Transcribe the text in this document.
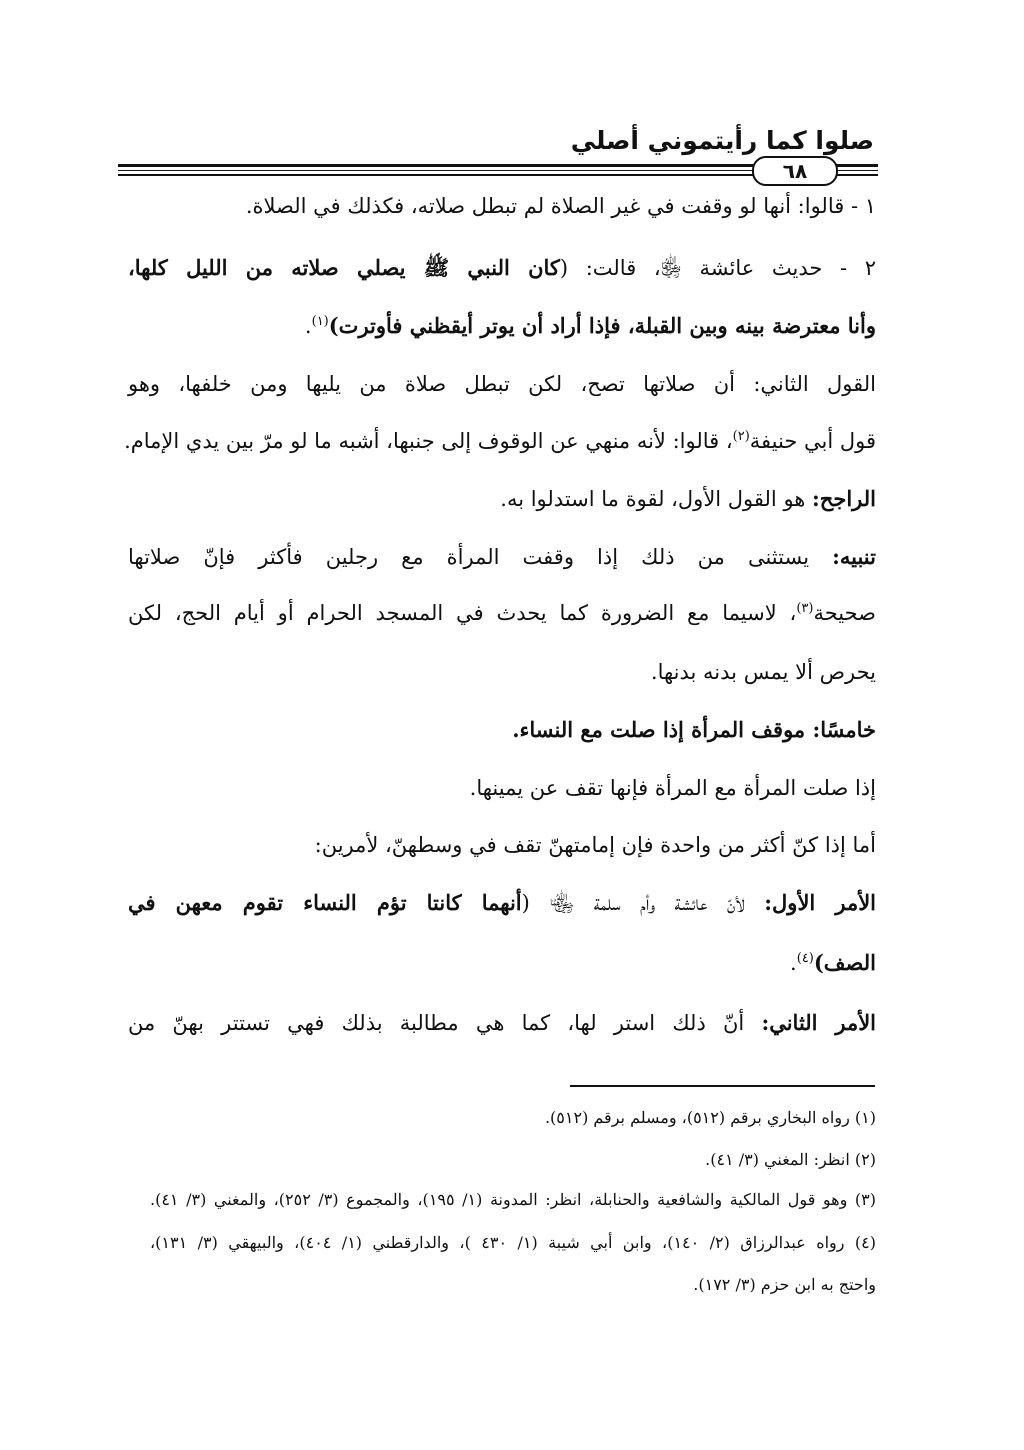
صلوا كما رأيتموني أصلي
٦٨
١ - قالوا: أنها لو وقفت في غير الصلاة لم تبطل صلاته، فكذلك في الصلاة.
٢ - حديث عائشة ﵂، قالت: (كان النبي ﷺ يصلي صلاته من الليل كلها،
وأنا معترضة بينه وبين القبلة، فإذا أراد أن يوتر أيقظني فأوترت)$^{(١)}$.
القول الثاني: أن صلاتها تصح، لكن تبطل صلاة من يليها ومن خلفها، وهو
قول أبي حنيفة$^{(٢)}$، قالوا: لأنه منهي عن الوقوف إلى جنبها، أشبه ما لو مرّ بين يدي الإمام.
الراجح: هو القول الأول، لقوة ما استدلوا به.
تنبيه: يستثنى من ذلك إذا وقفت المرأة مع رجلين فأكثر فإنّ صلاتها
صحيحة$^{(٣)}$، لاسيما مع الضرورة كما يحدث في المسجد الحرام أو أيام الحج، لكن
يحرص ألا يمس بدنه بدنها.
خامسًا: موقف المرأة إذا صلت مع النساء.
إذا صلت المرأة مع المرأة فإنها تقف عن يمينها.
أما إذا كنّ أكثر من واحدة فإن إمامتهنّ تقف في وسطهنّ، لأمرين:
الأمر الأول: لأنّ عائشة وأم سلمة ﵄ (أنهما كانتا تؤم النساء تقوم معهن في
الصف)$^{(٤)}$.
الأمر الثاني: أنّ ذلك استر لها، كما هي مطالبة بذلك فهي تستتر بهنّ من
(١) رواه البخاري برقم (٥١٢)، ومسلم برقم (٥١٢).
(٢) انظر: المغني (٣/ ٤١).
(٣) وهو قول المالكية والشافعية والحنابلة، انظر: المدونة (١/ ١٩٥)، والمجموع (٣/ ٢٥٢)، والمغني (٣/ ٤١).
(٤) رواه عبدالرزاق (٢/ ١٤٠)، وابن أبي شيبة (١/ ٤٣٠ )، والدارقطني (١/ ٤٠٤)، والبيهقي (٣/ ١٣١)،
واحتج به ابن حزم (٣/ ١٧٢).
